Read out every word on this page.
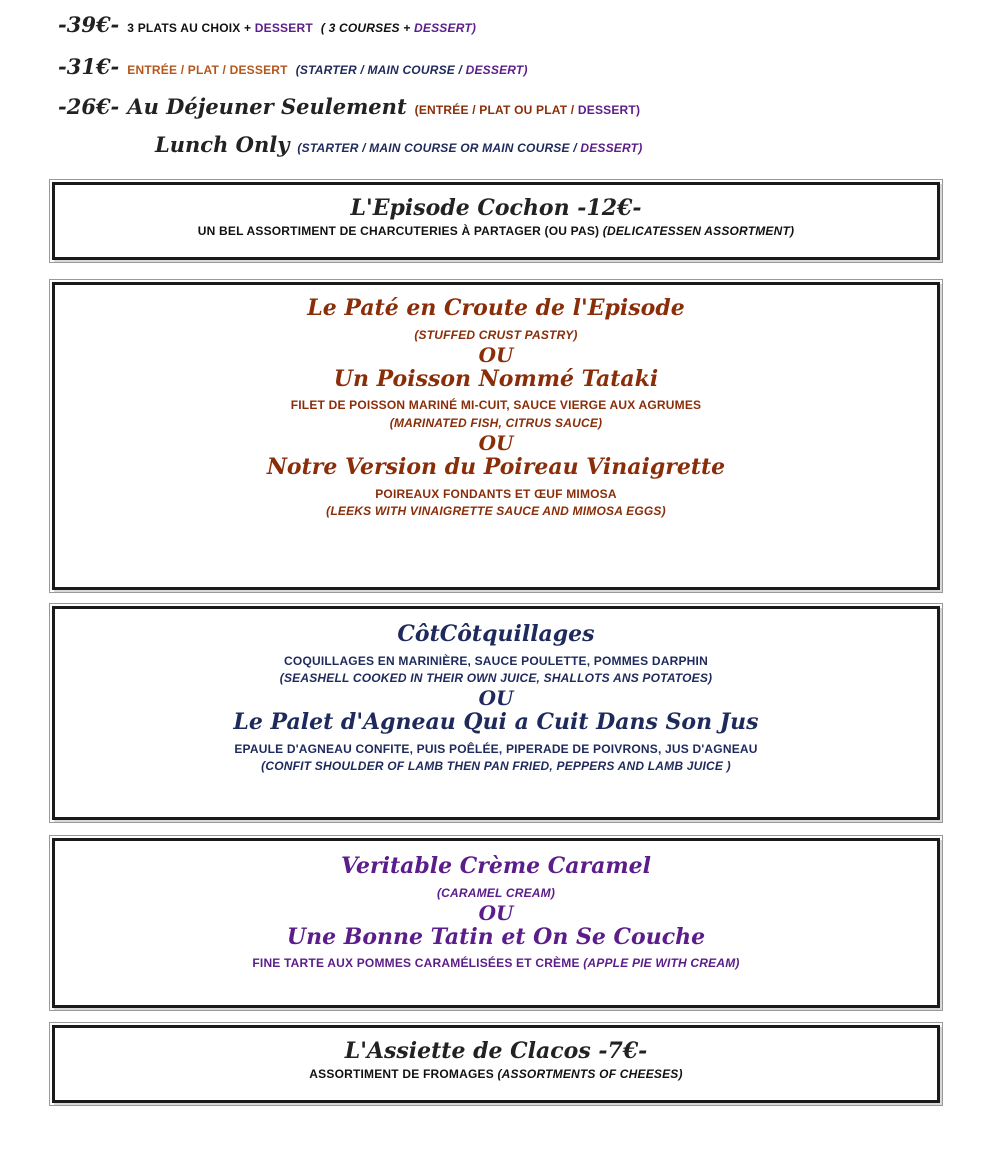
-39€- 3 PLATS AU CHOIX + DESSERT ( 3 COURSES + DESSERT)
-31€- ENTRÉE / PLAT / DESSERT (STARTER / MAIN COURSE / DESSERT)
-26€- Au Déjeuner Seulement (ENTRÉE / PLAT OU PLAT / DESSERT)
Lunch Only (STARTER / MAIN COURSE OR MAIN COURSE / DESSERT)

L'Episode Cochon -12€-

UN BEL ASSORTIMENT DE CHARCUTERIES À PARTAGER (OU PAS) (DELICATESSEN ASSORTMENT)

Le Paté en Croute de l'Episode

(STUFFED CRUST PASTRY)

OU

Un Poisson Nommé Tataki

FILET DE POISSON MARINÉ MI-CUIT, SAUCE VIERGE AUX AGRUMES

(MARINATED FISH, CITRUS SAUCE)

OU

Notre Version du Poireau Vinaigrette

POIREAUX FONDANTS ET ŒUF MIMOSA

(LEEKS WITH VINAIGRETTE SAUCE AND MIMOSA EGGS)

CôtCôtquillages

COQUILLAGES EN MARINIÈRE, SAUCE POULETTE, POMMES DARPHIN

(SEASHELL COOKED IN THEIR OWN JUICE, SHALLOTS ANS POTATOES)

OU

Le Palet d'Agneau Qui a Cuit Dans Son Jus

EPAULE D'AGNEAU CONFITE, PUIS POÊLÉE, PIPERADE DE POIVRONS, JUS D'AGNEAU

(CONFIT SHOULDER OF LAMB THEN PAN FRIED, PEPPERS AND LAMB JUICE )

Veritable Crème Caramel

(CARAMEL CREAM)

OU

Une Bonne Tatin et On Se Couche

FINE TARTE AUX POMMES CARAMÉLISÉES ET CRÈME (APPLE PIE WITH CREAM)

L'Assiette de Clacos -7€-

ASSORTIMENT DE FROMAGES (ASSORTMENTS OF CHEESES)
